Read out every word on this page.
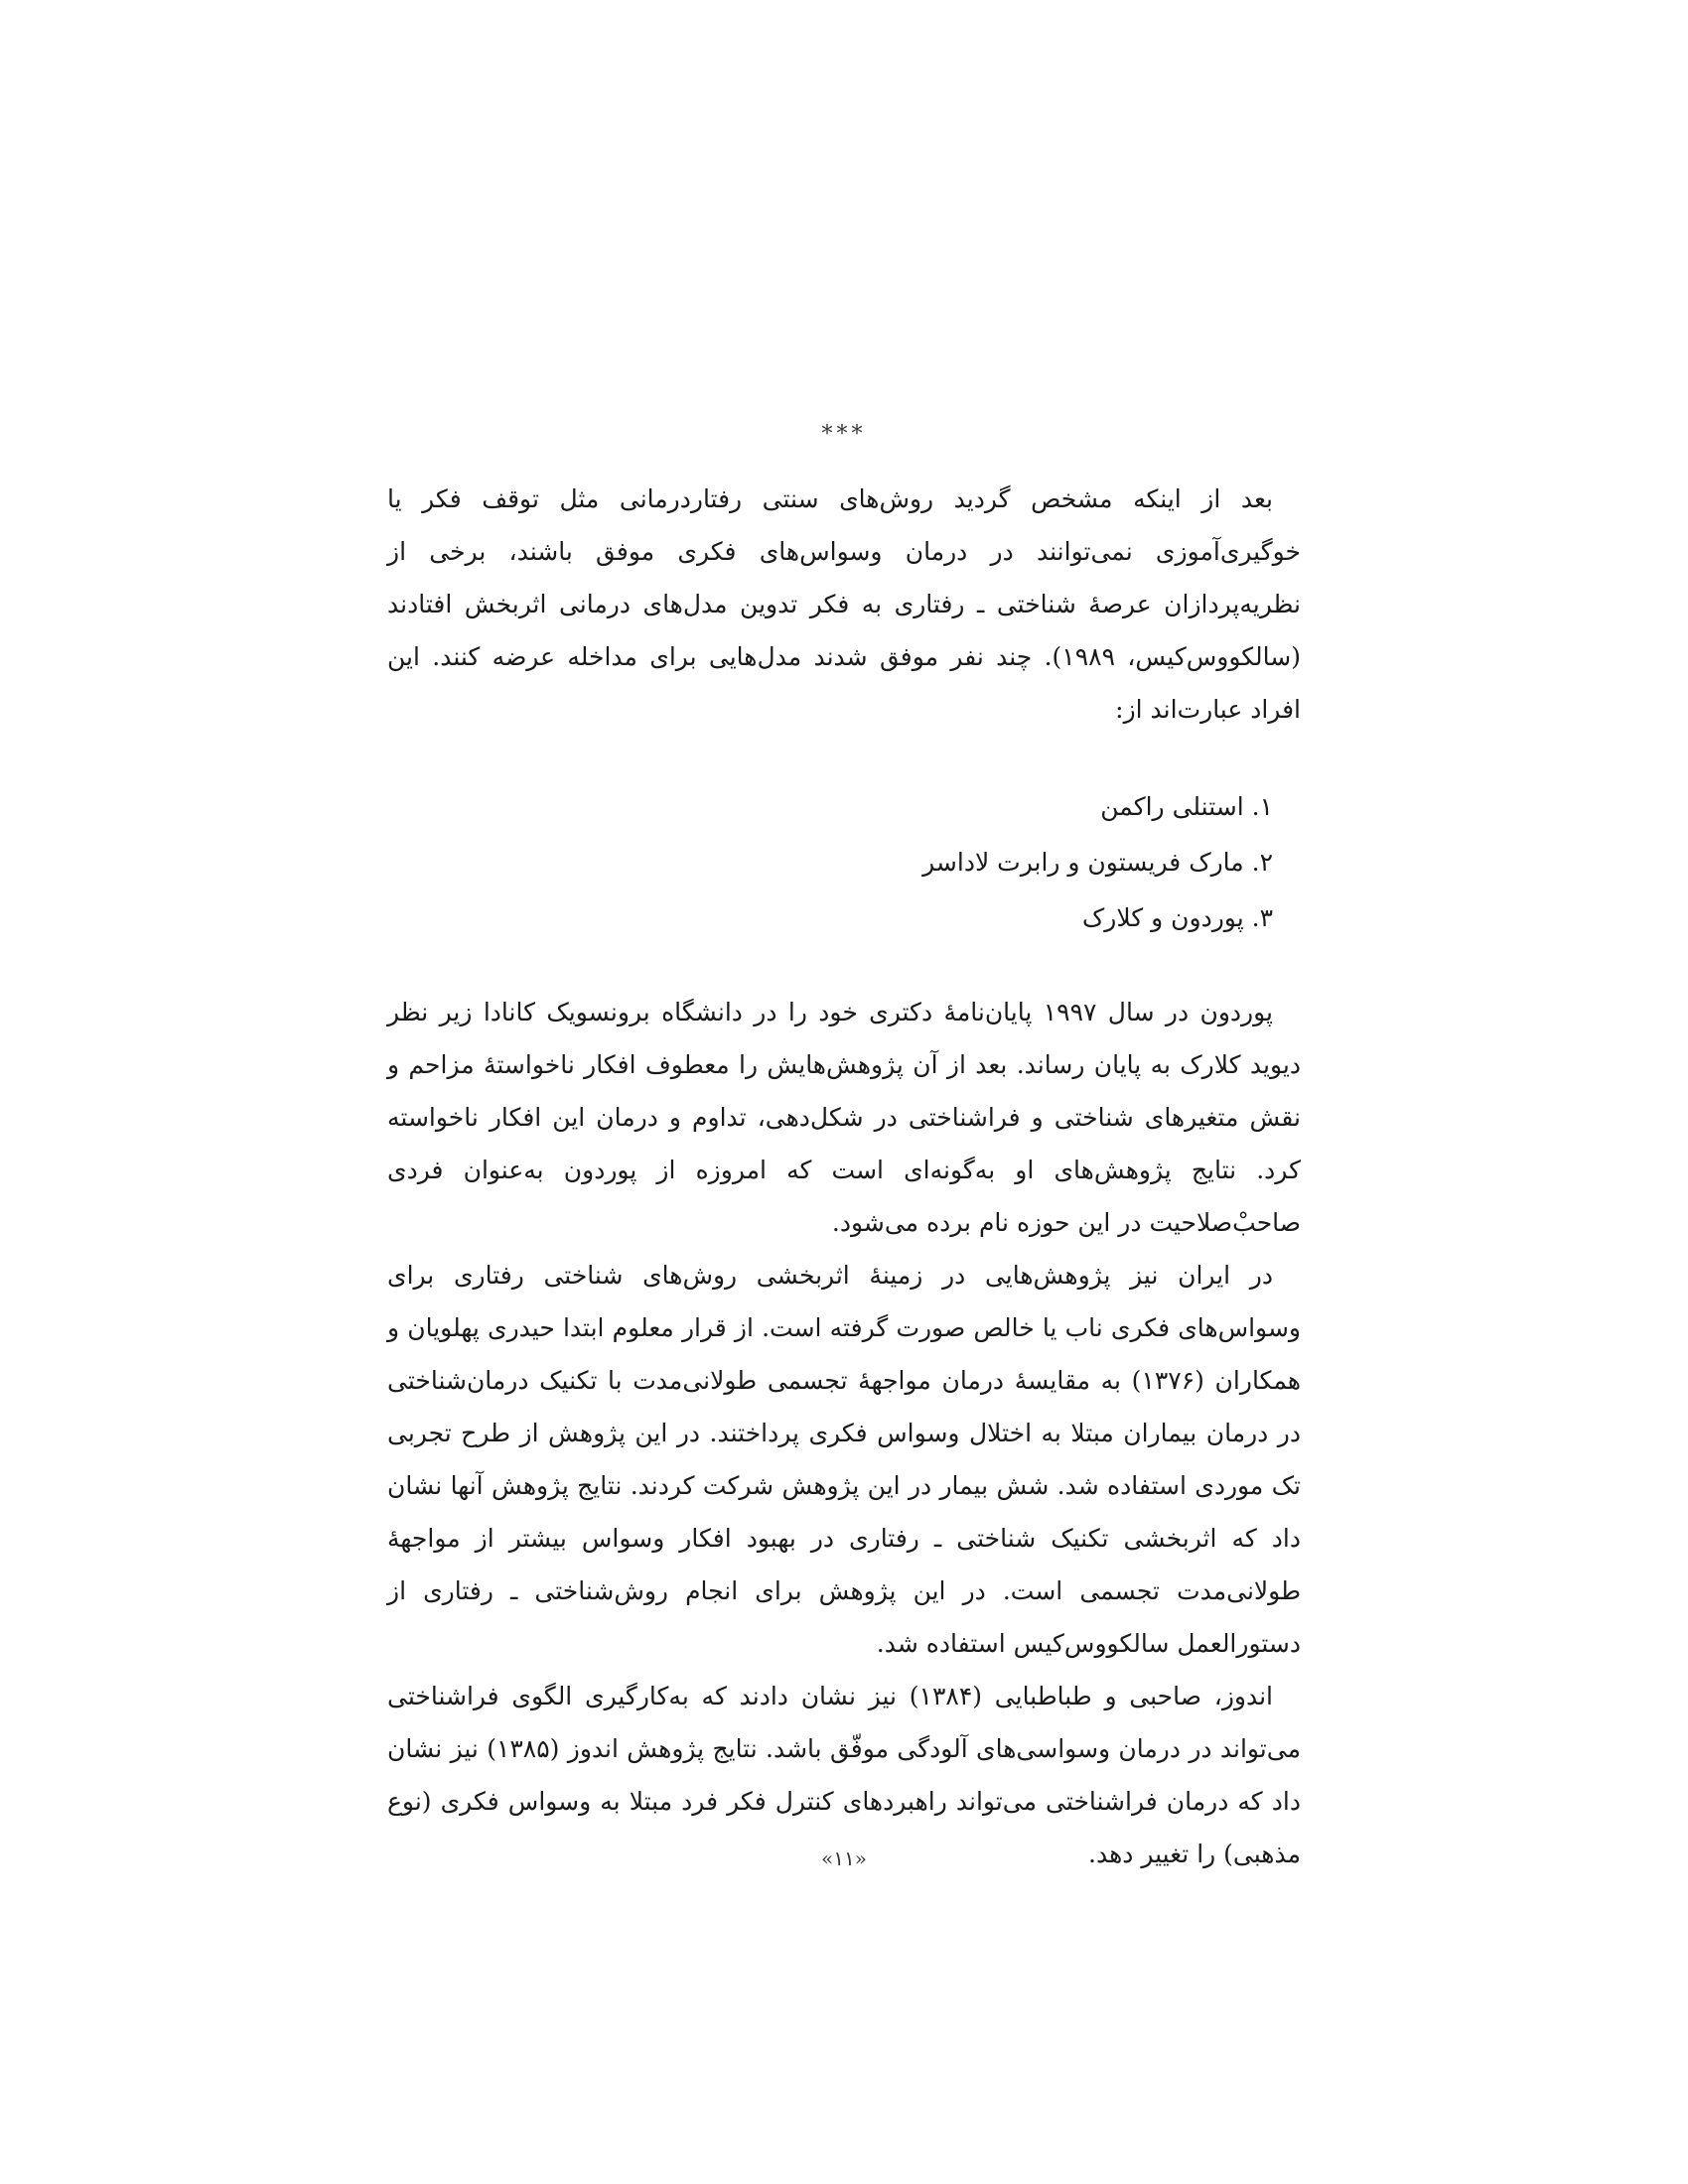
***

بعد از اینکه مشخص گردید روش‌های سنتی رفتاردرمانی مثل توقف فکر یا خوگیری‌آموزی نمی‌توانند در درمان وسواس‌های فکری موفق باشند، برخی از نظریه‌پردازان عرصهٔ شناختی ـ رفتاری به فکر تدوین مدل‌های درمانی اثربخش افتادند (سالکووس‌کیس، ۱۹۸۹). چند نفر موفق شدند مدل‌هایی برای مداخله عرضه کنند. این افراد عبارت‌اند از:

۱. استنلی راکمن
۲. مارک فریستون و رابرت لاداسر
۳. پوردون و کلارک

پوردون در سال ۱۹۹۷ پایان‌نامهٔ دکتری خود را در دانشگاه برونسویک کانادا زیر نظر دیوید کلارک به پایان رساند. بعد از آن پژوهش‌هایش را معطوف افکار ناخواستهٔ مزاحم و نقش متغیرهای شناختی و فراشناختی در شکل‌دهی، تداوم و درمان این افکار ناخواسته کرد. نتایج پژوهش‌های او به‌گونه‌ای است که امروزه از پوردون به‌عنوان فردی صاحبْ‌صلاحیت در این حوزه نام برده می‌شود.

در ایران نیز پژوهش‌هایی در زمینهٔ اثربخشی روش‌های شناختی رفتاری برای وسواس‌های فکری ناب یا خالص صورت گرفته است. از قرار معلوم ابتدا حیدری پهلویان و همکاران (۱۳۷۶) به مقایسهٔ درمان مواجههٔ تجسمی طولانی‌مدت با تکنیک درمان‌شناختی در درمان بیماران مبتلا به اختلال وسواس فکری پرداختند. در این پژوهش از طرح تجربی تک موردی استفاده شد. شش بیمار در این پژوهش شرکت کردند. نتایج پژوهش آنها نشان داد که اثربخشی تکنیک شناختی ـ رفتاری در بهبود افکار وسواس بیشتر از مواجههٔ طولانی‌مدت تجسمی است. در این پژوهش برای انجام روش‌شناختی ـ رفتاری از دستورالعمل سالکووس‌کیس استفاده شد.

اندوز، صاحبی و طباطبایی (۱۳۸۴) نیز نشان دادند که به‌کارگیری الگوی فراشناختی می‌تواند در درمان وسواسی‌های آلودگی موفّق باشد. نتایج پژوهش اندوز (۱۳۸۵) نیز نشان داد که درمان فراشناختی می‌تواند راهبردهای کنترل فکر فرد مبتلا به وسواس فکری (نوع مذهبی) را تغییر دهد.

«۱۱»
